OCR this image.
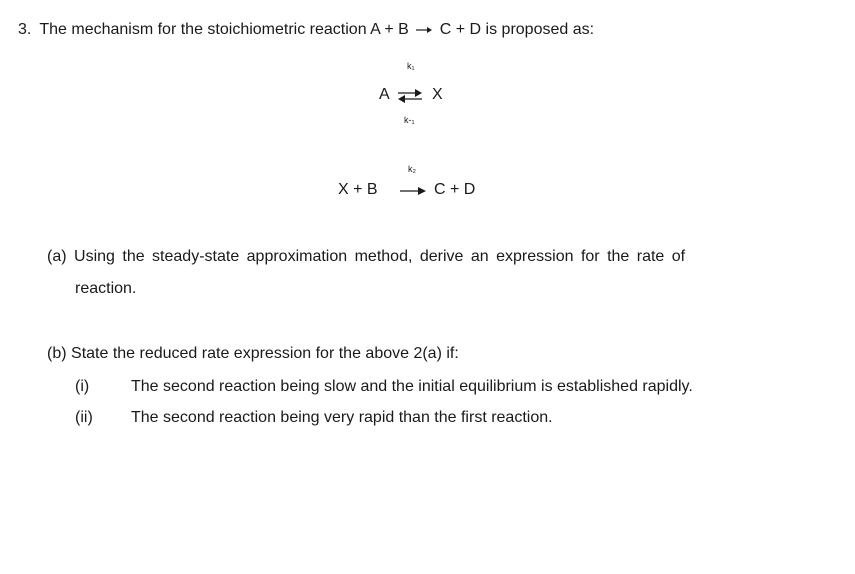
3. The mechanism for the stoichiometric reaction A + B → C + D is proposed as:
k₁
A ⇌ X
k-₁
k₂
X + B	C + D
(a) Using the steady-state approximation method, derive an expression for the rate of
reaction.
(b) State the reduced rate expression for the above 2(a) if:
(i)	The second reaction being slow and the initial equilibrium is established rapidly.
(ii) The second reaction being very rapid than the first reaction.
